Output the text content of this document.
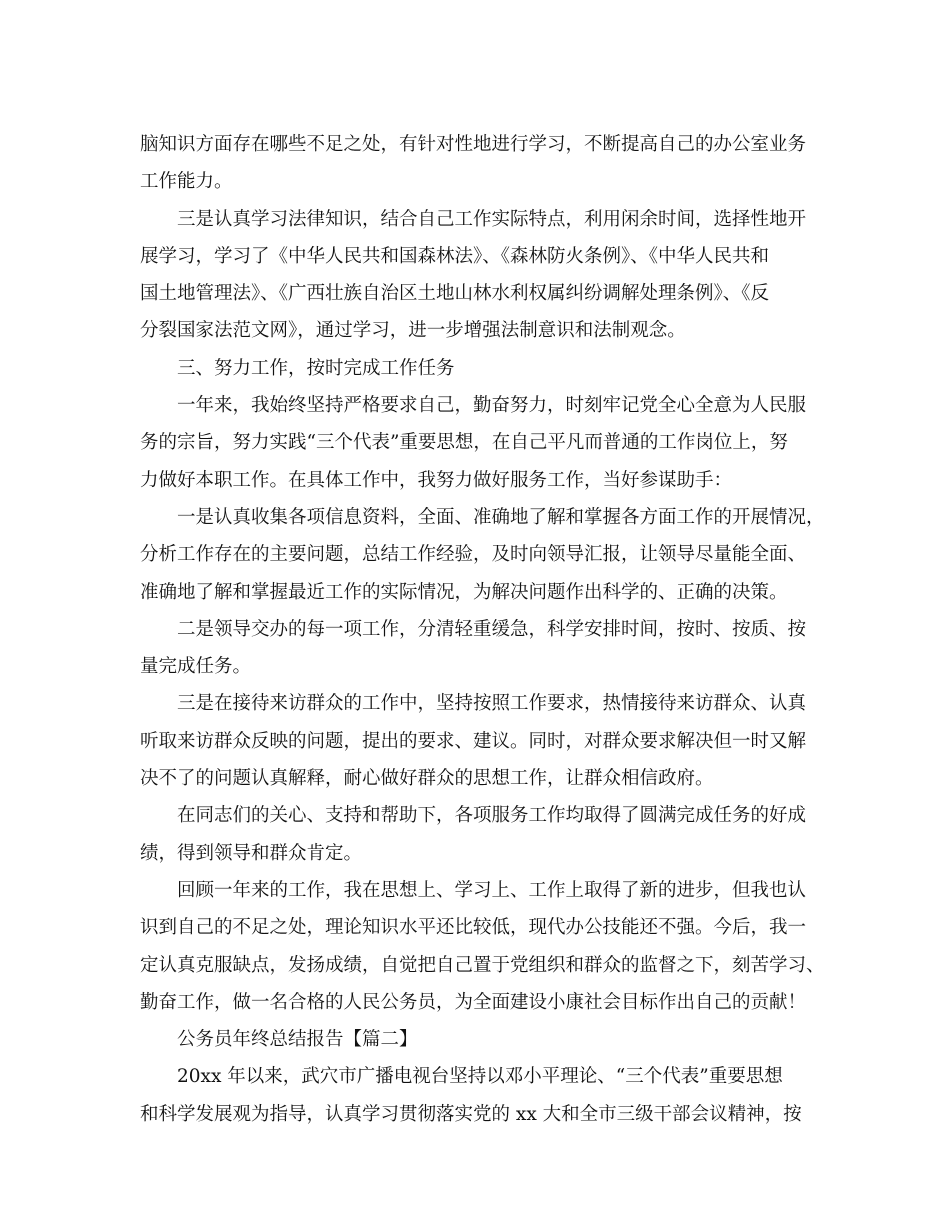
脑知识方面存在哪些不足之处，有针对性地进行学习，不断提高自己的办公室业务
工作能力。
三是认真学习法律知识，结合自己工作实际特点，利用闲余时间，选择性地开
展学习，学习了《中华人民共和国森林法》、《森林防火条例》、《中华人民共和
国土地管理法》、《广西壮族自治区土地山林水利权属纠纷调解处理条例》、《反
分裂国家法范文网》，通过学习，进一步增强法制意识和法制观念。
三、努力工作，按时完成工作任务
一年来，我始终坚持严格要求自己，勤奋努力，时刻牢记党全心全意为人民服
务的宗旨，努力实践“三个代表”重要思想，在自己平凡而普通的工作岗位上，努
力做好本职工作。在具体工作中，我努力做好服务工作，当好参谋助手：
一是认真收集各项信息资料，全面、准确地了解和掌握各方面工作的开展情况，
分析工作存在的主要问题，总结工作经验，及时向领导汇报，让领导尽量能全面、
准确地了解和掌握最近工作的实际情况，为解决问题作出科学的、正确的决策。
二是领导交办的每一项工作，分清轻重缓急，科学安排时间，按时、按质、按
量完成任务。
三是在接待来访群众的工作中，坚持按照工作要求，热情接待来访群众、认真
听取来访群众反映的问题，提出的要求、建议。同时，对群众要求解决但一时又解
决不了的问题认真解释，耐心做好群众的思想工作，让群众相信政府。
在同志们的关心、支持和帮助下，各项服务工作均取得了圆满完成任务的好成
绩，得到领导和群众肯定。
回顾一年来的工作，我在思想上、学习上、工作上取得了新的进步，但我也认
识到自己的不足之处，理论知识水平还比较低，现代办公技能还不强。今后，我一
定认真克服缺点，发扬成绩，自觉把自己置于党组织和群众的监督之下，刻苦学习、
勤奋工作，做一名合格的人民公务员，为全面建设小康社会目标作出自己的贡献！
公务员年终总结报告【篇二】
20xx 年以来，武穴市广播电视台坚持以邓小平理论、“三个代表”重要思想
和科学发展观为指导，认真学习贯彻落实党的 xx 大和全市三级干部会议精神，按
